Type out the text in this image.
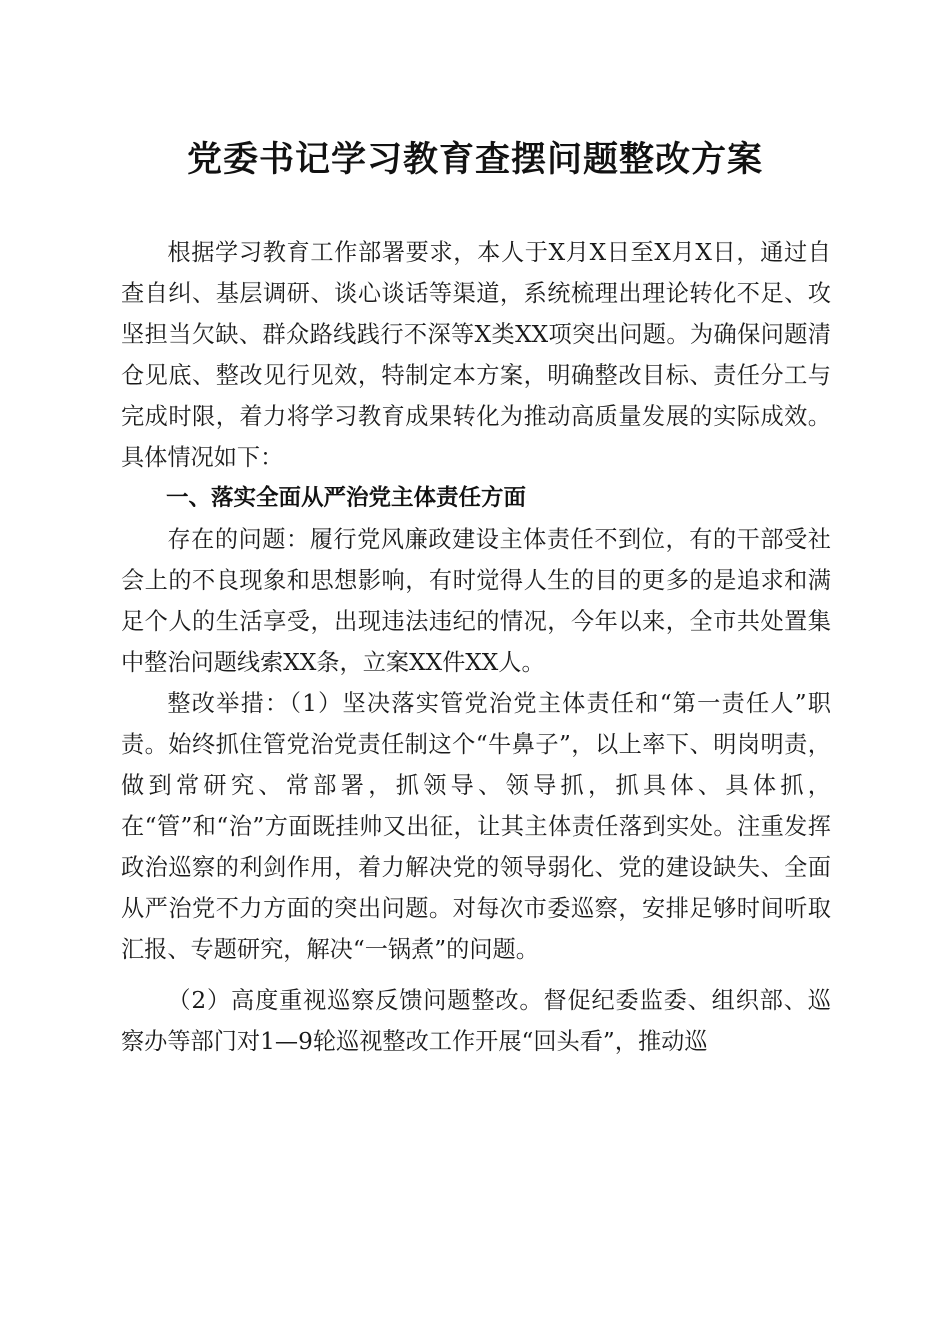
党委书记学习教育查摆问题整改方案

根据学习教育工作部署要求，本人于X月X日至X月X日，通过自查自纠、基层调研、谈心谈话等渠道，系统梳理出理论转化不足、攻坚担当欠缺、群众路线践行不深等X类XX项突出问题。为确保问题清仓见底、整改见行见效，特制定本方案，明确整改目标、责任分工与完成时限，着力将学习教育成果转化为推动高质量发展的实际成效。具体情况如下：

一、落实全面从严治党主体责任方面

存在的问题：履行党风廉政建设主体责任不到位，有的干部受社会上的不良现象和思想影响，有时觉得人生的目的更多的是追求和满足个人的生活享受，出现违法违纪的情况，今年以来，全市共处置集中整治问题线索XX条，立案XX件XX人。

整改举措：（1）坚决落实管党治党主体责任和“第一责任人”职责。始终抓住管党治党责任制这个“牛鼻子”，以上率下、明岗明责，做到常研究、常部署，抓领导、领导抓，抓具体、具体抓，在“管”和“治”方面既挂帅又出征，让其主体责任落到实处。注重发挥政治巡察的利剑作用，着力解决党的领导弱化、党的建设缺失、全面从严治党不力方面的突出问题。对每次市委巡察，安排足够时间听取汇报、专题研究，解决“一锅煮”的问题。

（2）高度重视巡察反馈问题整改。督促纪委监委、组织部、巡察办等部门对1—9轮巡视整改工作开展“回头看”，推动巡
